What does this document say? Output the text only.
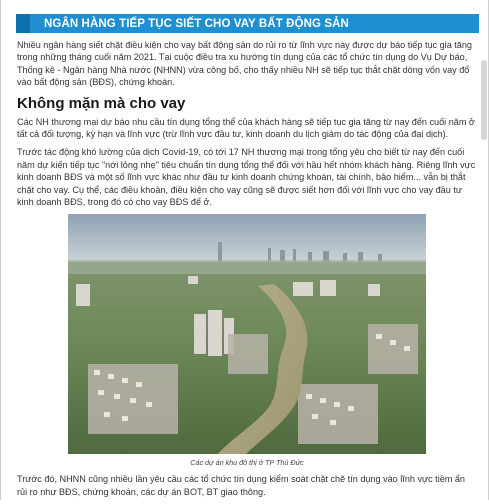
NGÂN HÀNG TIẾP TỤC SIẾT CHO VAY BẤT ĐỘNG SẢN

Nhiều ngân hàng siết chặt điều kiện cho vay bất động sản do rủi ro từ lĩnh vực này được dự báo tiếp tục gia tăng trong những tháng cuối năm 2021. Tại cuộc điều tra xu hướng tín dụng của các tổ chức tín dụng do Vụ Dự báo, Thống kê - Ngân hàng Nhà nước (NHNN) vừa công bố, cho thấy nhiều NH sẽ tiếp tục thắt chặt dòng vốn vay đổ vào bất động sản (BĐS), chứng khoán.

Không mặn mà cho vay

Các NH thương mại dự báo nhu cầu tín dụng tổng thể của khách hàng sẽ tiếp tục gia tăng từ nay đến cuối năm ở tất cả đối tượng, kỳ hạn và lĩnh vực (trừ lĩnh vực đầu tư, kinh doanh du lịch giảm do tác động của đại dịch).

Trước tác động khó lường của dịch Covid-19, có tới 17 NH thương mại trong tổng yêu cho biết từ nay đến cuối năm dự kiến tiếp tục "nới lỏng nhẹ" tiêu chuẩn tín dụng tổng thể đối với hầu hết nhóm khách hàng. Riêng lĩnh vực kinh doanh BĐS và một số lĩnh vực khác như đầu tư kinh doanh chứng khoán, tài chính, bảo hiểm... vẫn bị thắt chặt cho vay. Cụ thể, các điều khoản, điều kiện cho vay cũng sẽ được siết hơn đối với lĩnh vực cho vay đầu tư kinh doanh BĐS, trong đó có cho vay BĐS để ở.

Các dự án khu đô thị ở TP Thủ Đức

Trước đó, NHNN cũng nhiều lần yêu cầu các tổ chức tín dụng kiểm soát chặt chẽ tín dụng vào lĩnh vực tiềm ẩn rủi ro như BĐS, chứng khoán, các dự án BOT, BT giao thông.
